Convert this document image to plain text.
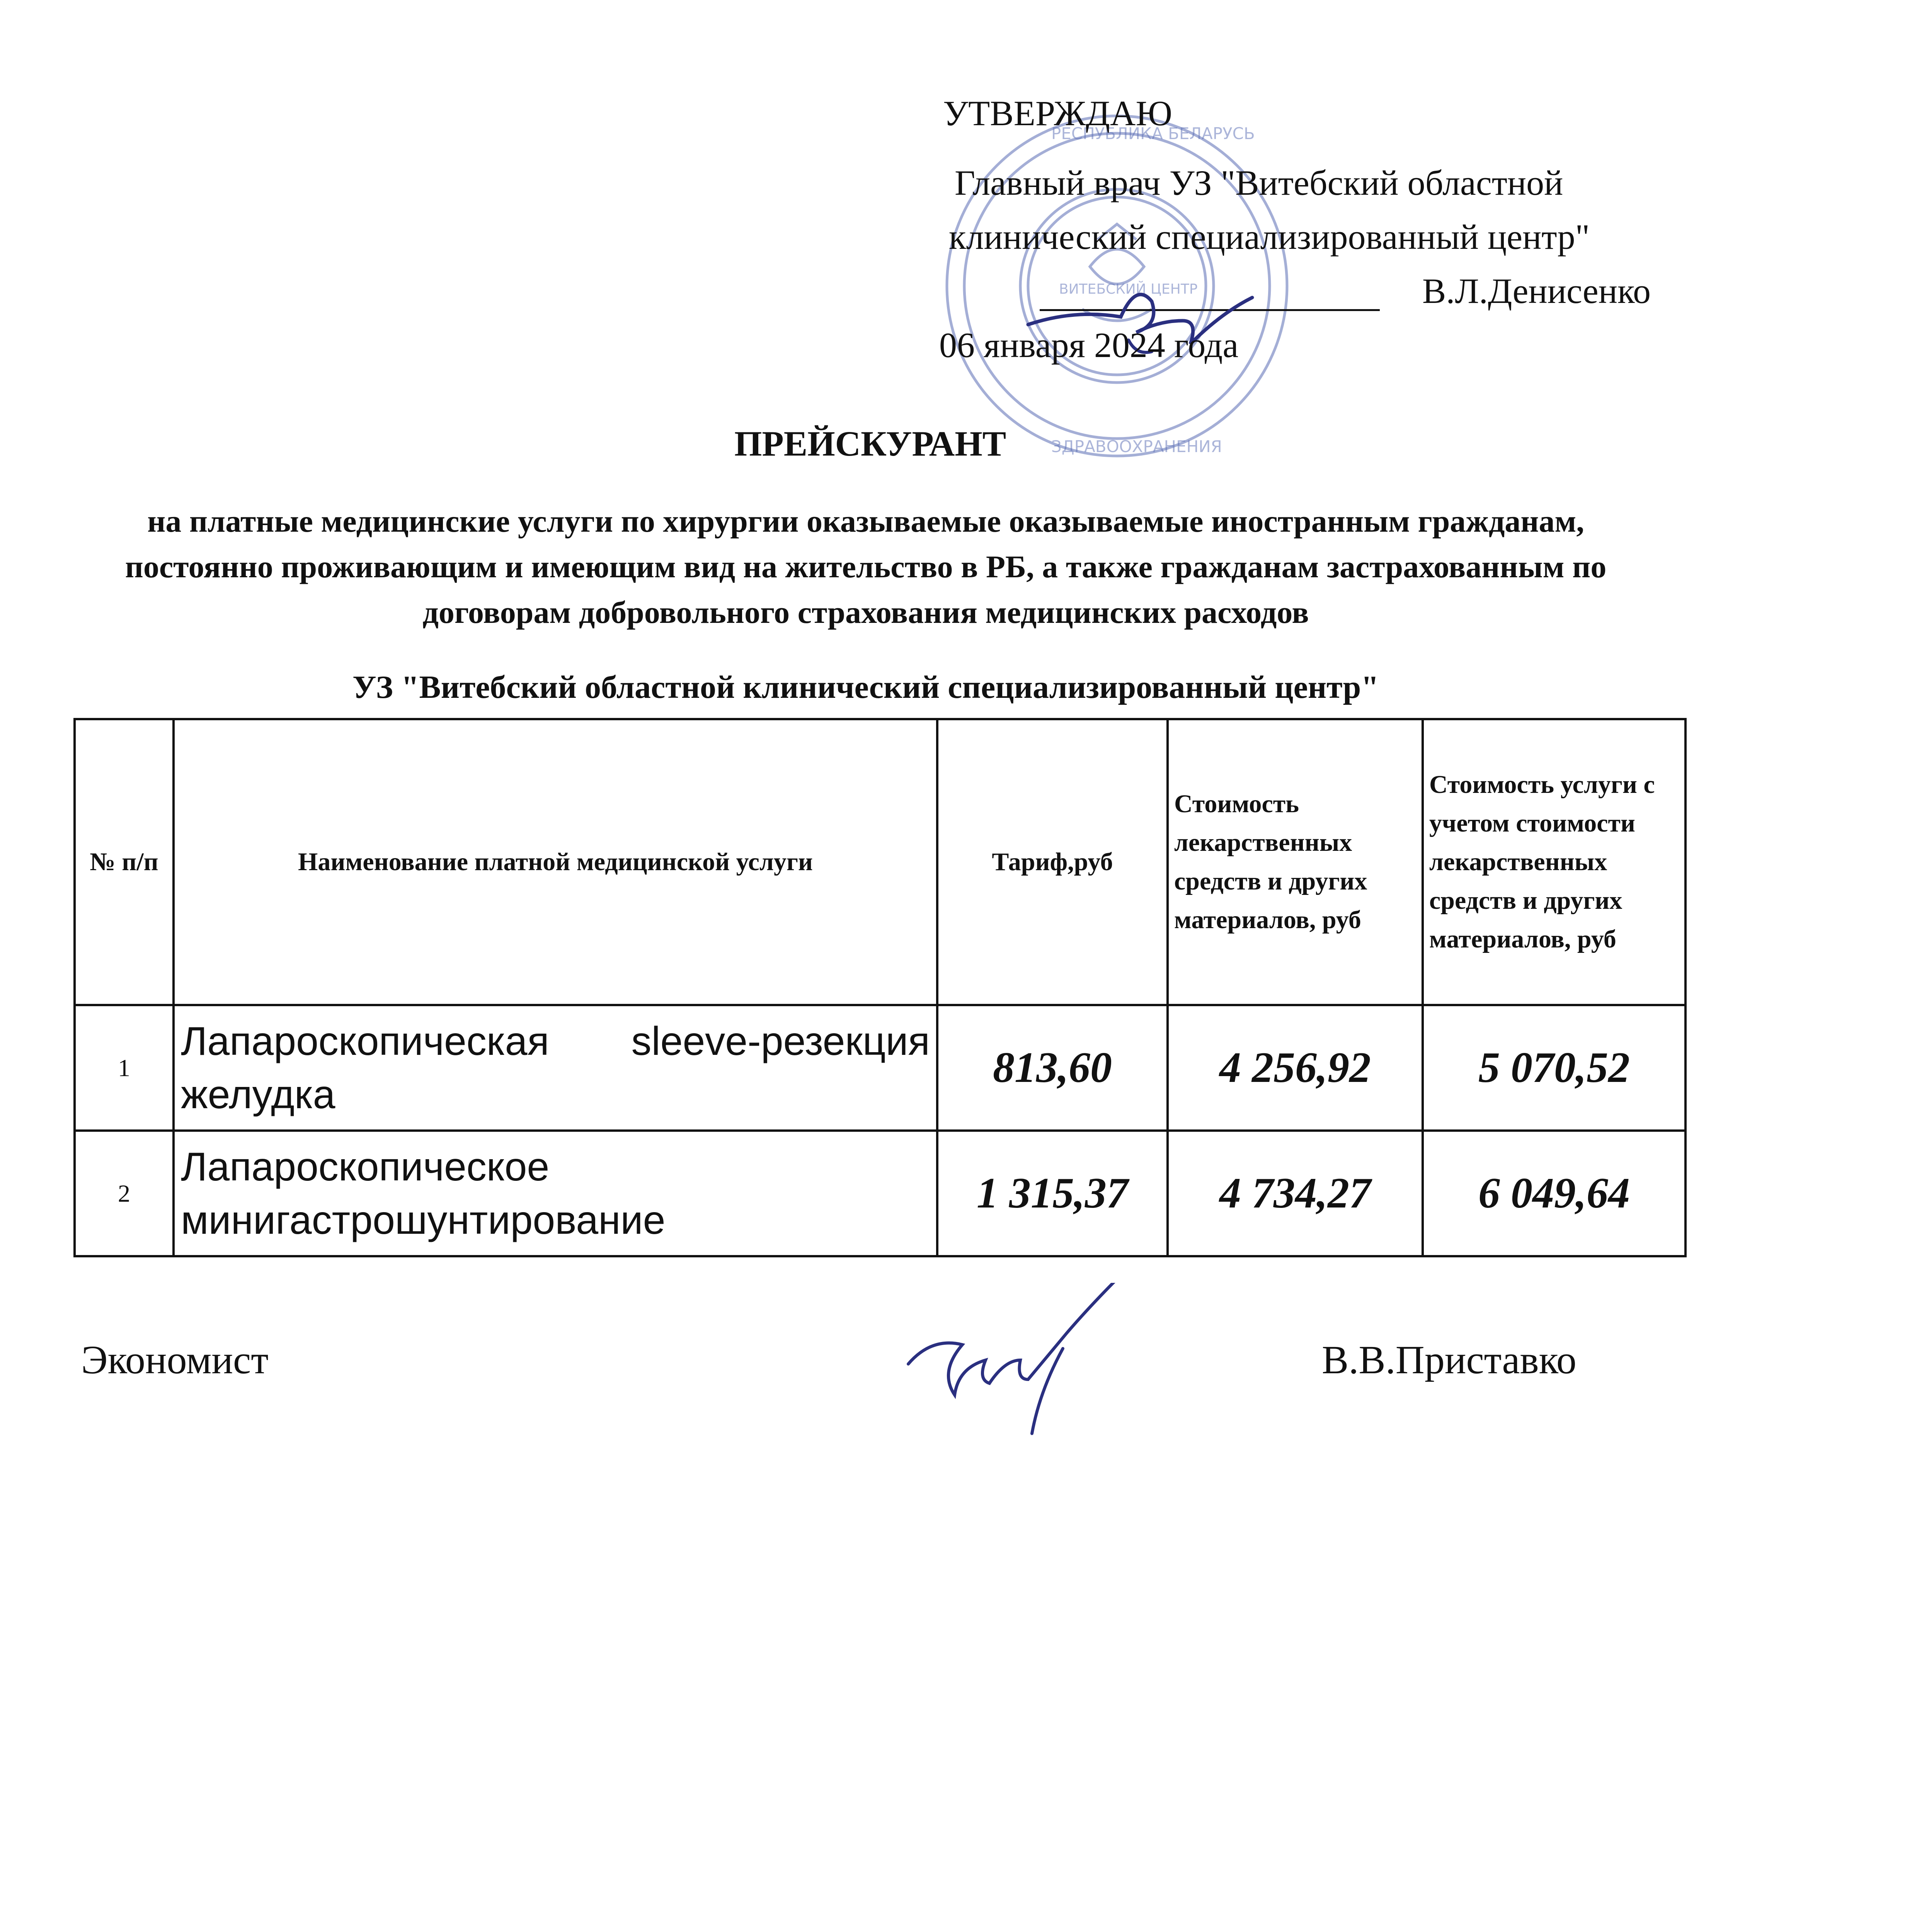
РЕСПУБЛИКА БЕЛАРУСЬ
ЗДРАВООХРАНЕНИЯ
ВИТЕБСКИЙ ЦЕНТР
УТВЕРЖДАЮ
Главный врач УЗ "Витебский областной
клинический специализированный центр"
В.Л.Денисенко
06 января 2024 года
ПРЕЙСКУРАНТ
на платные медицинские услуги по хирургии оказываемые оказываемые иностранным гражданам, постоянно проживающим и имеющим вид на жительство в РБ, а также гражданам застрахованным по договорам добровольного страхования медицинских расходов
УЗ "Витебский областной клинический специализированный центр"
№ п/п	Наименование платной медицинской услуги	Тариф,руб	Стоимость лекарственных средств и других материалов, руб	Стоимость услуги с учетом стоимости лекарственных средств и других материалов, руб
1	Лапароскопическая sleeve-резекция желудка	813,60	4 256,92	5 070,52
2	Лапароскопическое минигастрошунтирование	1 315,37	4 734,27	6 049,64
Экономист	В.В.Приставко
